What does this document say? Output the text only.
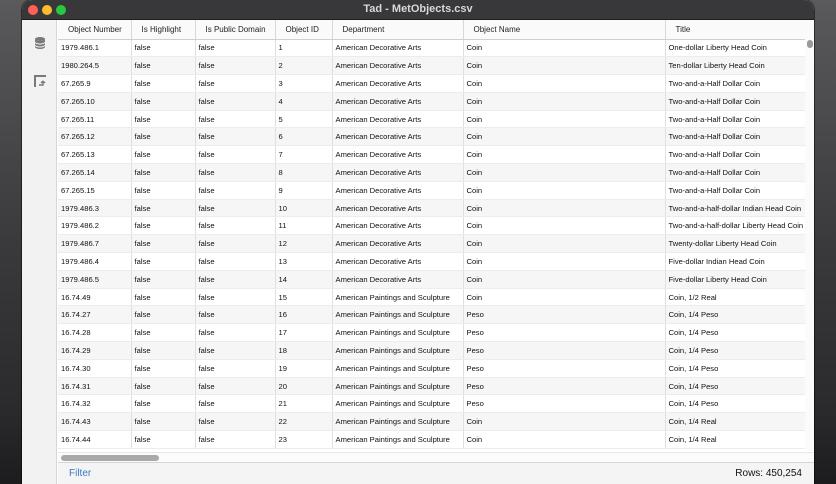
Tad - MetObjects.csv
Object Number	Is Highlight	Is Public Domain	Object ID	Department	Object Name	Title
1979.486.1	false	false	1	American Decorative Arts	Coin	One-dollar Liberty Head Coin
1980.264.5	false	false	2	American Decorative Arts	Coin	Ten-dollar Liberty Head Coin
67.265.9	false	false	3	American Decorative Arts	Coin	Two-and-a-Half Dollar Coin
67.265.10	false	false	4	American Decorative Arts	Coin	Two-and-a-Half Dollar Coin
67.265.11	false	false	5	American Decorative Arts	Coin	Two-and-a-Half Dollar Coin
67.265.12	false	false	6	American Decorative Arts	Coin	Two-and-a-Half Dollar Coin
67.265.13	false	false	7	American Decorative Arts	Coin	Two-and-a-Half Dollar Coin
67.265.14	false	false	8	American Decorative Arts	Coin	Two-and-a-Half Dollar Coin
67.265.15	false	false	9	American Decorative Arts	Coin	Two-and-a-Half Dollar Coin
1979.486.3	false	false	10	American Decorative Arts	Coin	Two-and-a-half-dollar Indian Head Coin
1979.486.2	false	false	11	American Decorative Arts	Coin	Two-and-a-half-dollar Liberty Head Coin
1979.486.7	false	false	12	American Decorative Arts	Coin	Twenty-dollar Liberty Head Coin
1979.486.4	false	false	13	American Decorative Arts	Coin	Five-dollar Indian Head Coin
1979.486.5	false	false	14	American Decorative Arts	Coin	Five-dollar Liberty Head Coin
16.74.49	false	false	15	American Paintings and Sculpture	Coin	Coin, 1/2 Real
16.74.27	false	false	16	American Paintings and Sculpture	Peso	Coin, 1/4 Peso
16.74.28	false	false	17	American Paintings and Sculpture	Peso	Coin, 1/4 Peso
16.74.29	false	false	18	American Paintings and Sculpture	Peso	Coin, 1/4 Peso
16.74.30	false	false	19	American Paintings and Sculpture	Peso	Coin, 1/4 Peso
16.74.31	false	false	20	American Paintings and Sculpture	Peso	Coin, 1/4 Peso
16.74.32	false	false	21	American Paintings and Sculpture	Peso	Coin, 1/4 Peso
16.74.43	false	false	22	American Paintings and Sculpture	Coin	Coin, 1/4 Real
16.74.44	false	false	23	American Paintings and Sculpture	Coin	Coin, 1/4 Real
Filter	Rows: 450,254
